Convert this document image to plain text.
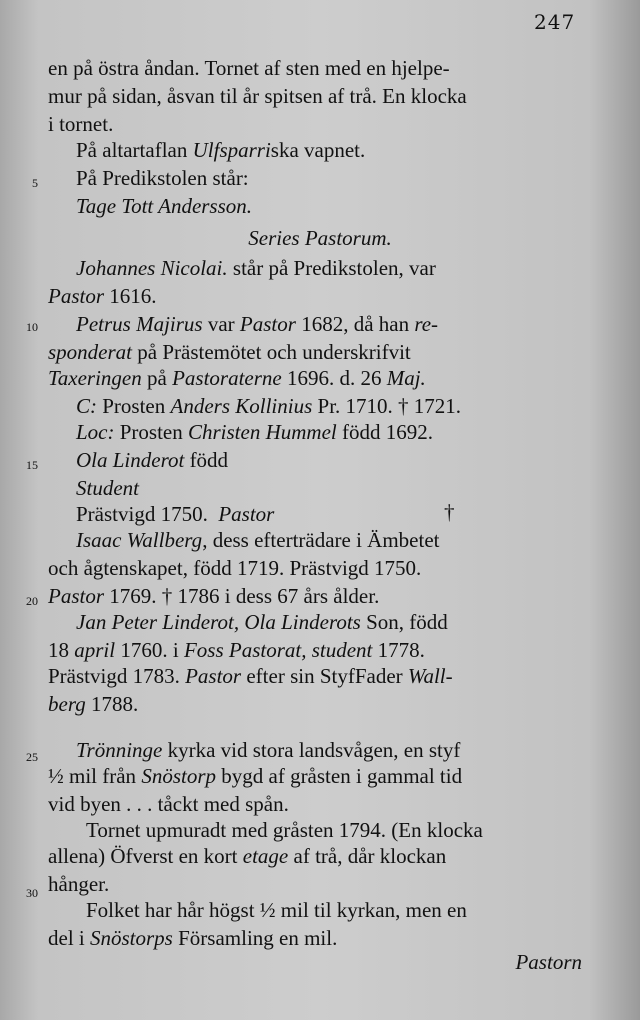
247
en på östra åndan. Tornet af sten med en hjelpe-
mur på sidan, åsvan til år spitsen af trå. En klocka
i tornet.
På altartaflan Ulfsparriska vapnet.
5 På Predikstolen står:
Tage Tott Andersson.
Series Pastorum.
Johannes Nicolai. står på Predikstolen, var
Pastor 1616.
10 Petrus Majirus var Pastor 1682, då han re-
sponderat på Prästemötet och underskrifvit
Taxeringen på Pastoraterne 1696. d. 26 Maj.
C: Prosten Anders Kollinius Pr. 1710. † 1721.
Loc: Prosten Christen Hummel född 1692.
15 Ola Linderot född
Student
Prästvigd 1750. Pastor	†
Isaac Wallberg, dess efterträdare i Ämbetet
och ågtenskapet, född 1719. Prästvigd 1750.
20 Pastor 1769. † 1786 i dess 67 års ålder.
Jan Peter Linderot, Ola Linderots Son, född
18 april 1760. i Foss Pastorat, student 1778.
Prästvigd 1783. Pastor efter sin StyfFader Wall-
berg 1788.
25 Trönninge kyrka vid stora landsvågen, en styf
½ mil från Snöstorp bygd af gråsten i gammal tid
vid byen . . . tåckt med spån.
Tornet upmuradt med gråsten 1794. (En klocka
allena) Öfverst en kort etage af trå, dår klockan
30 hånger.
Folket har hår högst ½ mil til kyrkan, men en
del i Snöstorps Församling en mil.
Pastorn
